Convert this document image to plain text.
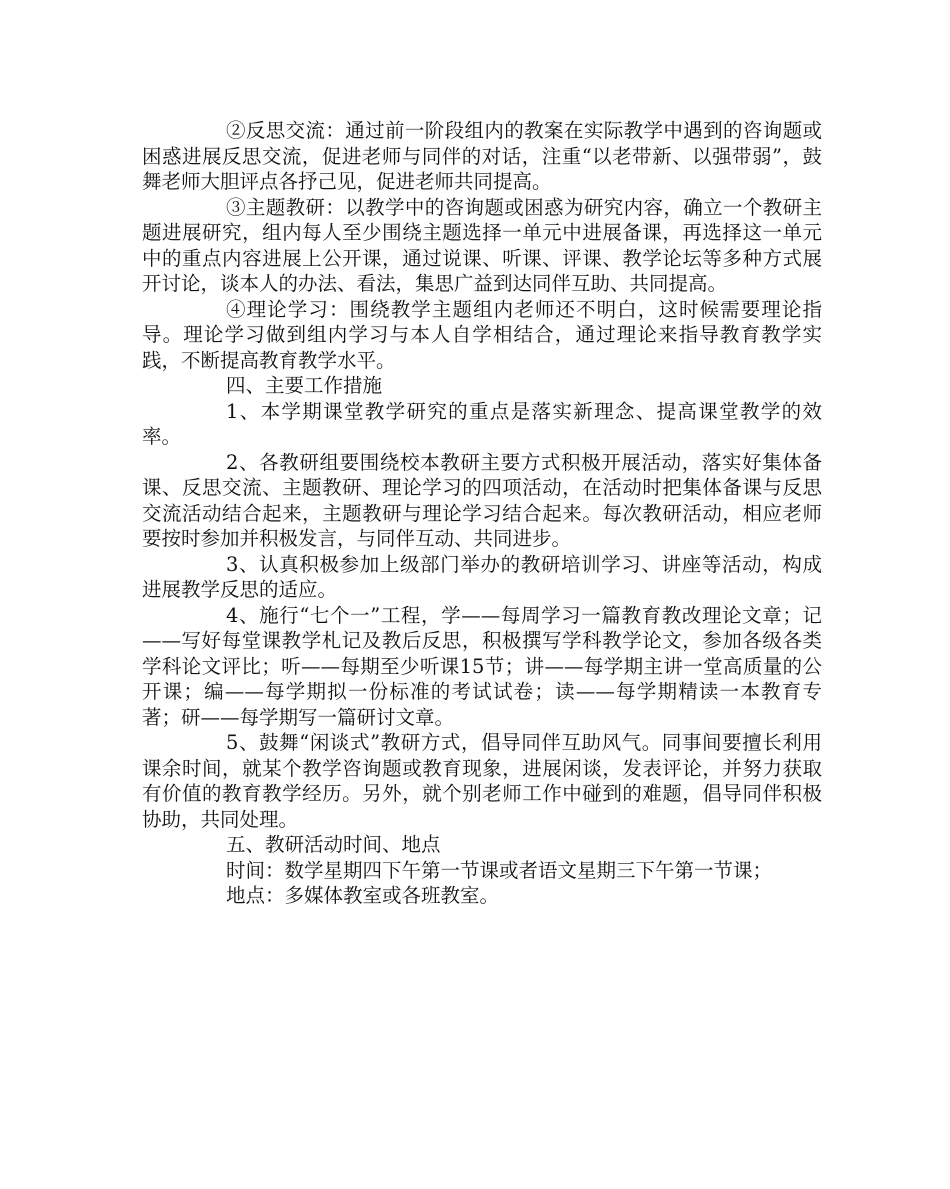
②反思交流：通过前一阶段组内的教案在实际教学中遇到的咨询题或困惑进展反思交流，促进老师与同伴的对话，注重“以老带新、以强带弱”，鼓舞老师大胆评点各抒己见，促进老师共同提高。

③主题教研：以教学中的咨询题或困惑为研究内容，确立一个教研主题进展研究，组内每人至少围绕主题选择一单元中进展备课，再选择这一单元中的重点内容进展上公开课，通过说课、听课、评课、教学论坛等多种方式展开讨论，谈本人的办法、看法，集思广益到达同伴互助、共同提高。

④理论学习：围绕教学主题组内老师还不明白，这时候需要理论指导。理论学习做到组内学习与本人自学相结合，通过理论来指导教育教学实践，不断提高教育教学水平。

四、主要工作措施

1、本学期课堂教学研究的重点是落实新理念、提高课堂教学的效率。

2、各教研组要围绕校本教研主要方式积极开展活动，落实好集体备课、反思交流、主题教研、理论学习的四项活动，在活动时把集体备课与反思交流活动结合起来，主题教研与理论学习结合起来。每次教研活动，相应老师要按时参加并积极发言，与同伴互动、共同进步。

3、认真积极参加上级部门举办的教研培训学习、讲座等活动，构成进展教学反思的适应。

4、施行“七个一”工程，学——每周学习一篇教育教改理论文章；记——写好每堂课教学札记及教后反思，积极撰写学科教学论文，参加各级各类学科论文评比；听——每期至少听课15节；讲——每学期主讲一堂高质量的公开课；编——每学期拟一份标准的考试试卷；读——每学期精读一本教育专著；研——每学期写一篇研讨文章。

5、鼓舞“闲谈式”教研方式，倡导同伴互助风气。同事间要擅长利用课余时间，就某个教学咨询题或教育现象，进展闲谈，发表评论，并努力获取有价值的教育教学经历。另外，就个别老师工作中碰到的难题，倡导同伴积极协助，共同处理。

五、教研活动时间、地点

时间：数学星期四下午第一节课或者语文星期三下午第一节课；

地点：多媒体教室或各班教室。
